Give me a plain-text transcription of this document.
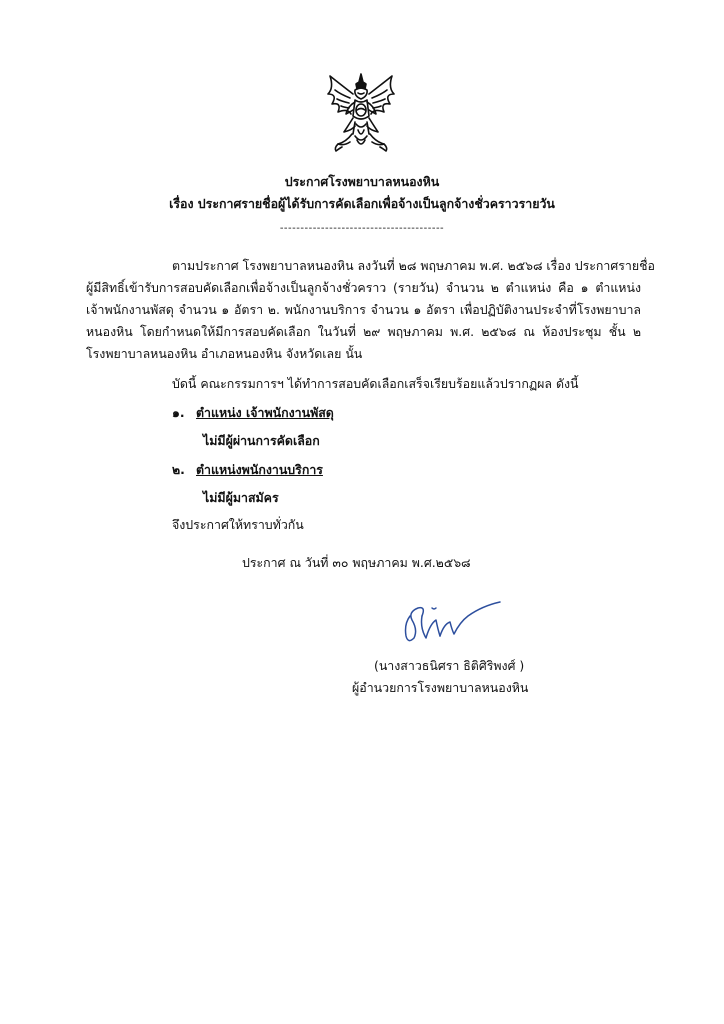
ประกาศโรงพยาบาลหนองหิน
เรื่อง ประกาศรายชื่อผู้ได้รับการคัดเลือกเพื่อจ้างเป็นลูกจ้างชั่วคราวรายวัน
----------------------------------------
ตามประกาศ โรงพยาบาลหนองหิน ลงวันที่ ๒๘ พฤษภาคม พ.ศ. ๒๕๖๘ เรื่อง ประกาศรายชื่อ
ผู้มีสิทธิ์เข้ารับการสอบคัดเลือกเพื่อจ้างเป็นลูกจ้างชั่วคราว (รายวัน) จำนวน ๒ ตำแหน่ง คือ ๑ ตำแหน่ง
เจ้าพนักงานพัสดุ จำนวน ๑ อัตรา ๒. พนักงานบริการ จำนวน ๑ อัตรา เพื่อปฏิบัติงานประจำที่โรงพยาบาล
หนองหิน โดยกำหนดให้มีการสอบคัดเลือก ในวันที่ ๒๙ พฤษภาคม พ.ศ. ๒๕๖๘ ณ ห้องประชุม ชั้น ๒
โรงพยาบาลหนองหิน อำเภอหนองหิน จังหวัดเลย นั้น
บัดนี้ คณะกรรมการฯ ได้ทำการสอบคัดเลือกเสร็จเรียบร้อยแล้วปรากฏผล ดังนี้
๑. ตำแหน่ง เจ้าพนักงานพัสดุ
ไม่มีผู้ผ่านการคัดเลือก
๒. ตำแหน่งพนักงานบริการ
ไม่มีผู้มาสมัคร
จึงประกาศให้ทราบทั่วกัน
ประกาศ ณ วันที่ ๓๐ พฤษภาคม พ.ศ.๒๕๖๘
(นางสาวธนิศรา ธิติศิริพงศ์ )
ผู้อำนวยการโรงพยาบาลหนองหิน
